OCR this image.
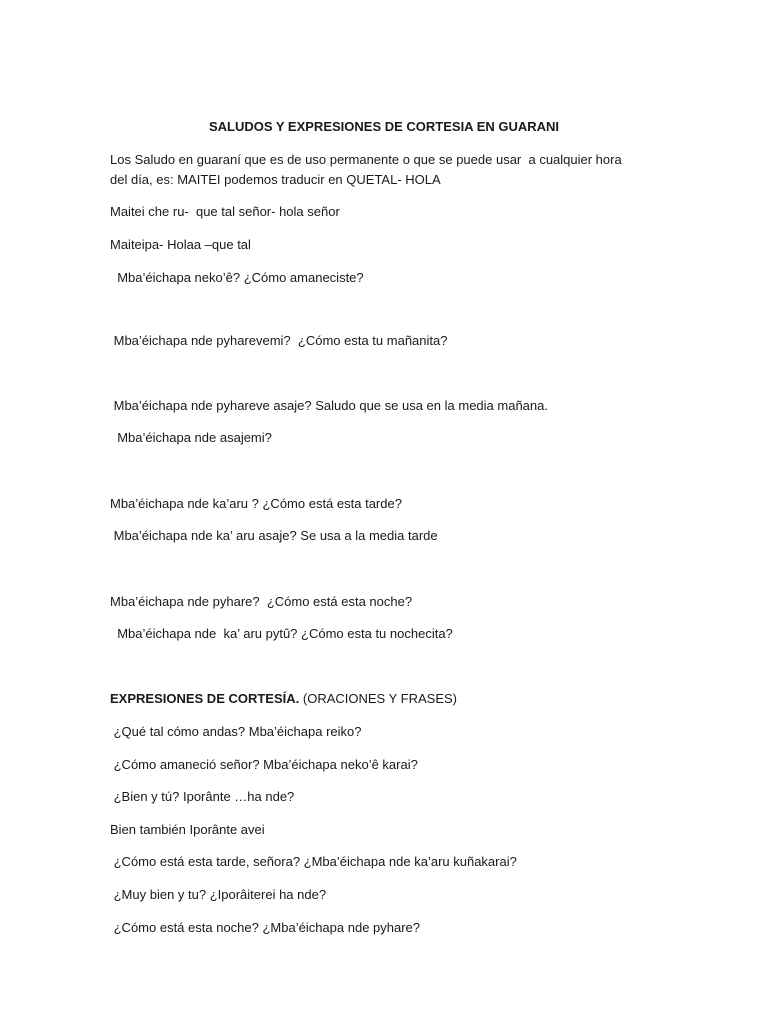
SALUDOS Y EXPRESIONES DE CORTESIA EN GUARANI
Los Saludo en guaraní que es de uso permanente o que se puede usar  a cualquier hora
del día, es: MAITEI podemos traducir en QUETAL- HOLA
Maitei che ru-  que tal señor- hola señor
Maiteipa- Holaa –que tal
Mba’éichapa neko’ê? ¿Cómo amaneciste?
Mba’éichapa nde pyharevemi?  ¿Cómo esta tu mañanita?
Mba’éichapa nde pyhareve asaje? Saludo que se usa en la media mañana.
Mba’éichapa nde asajemi?
Mba’éichapa nde ka’aru ? ¿Cómo está esta tarde?
Mba’éichapa nde ka’ aru asaje? Se usa a la media tarde
Mba’éichapa nde pyhare?  ¿Cómo está esta noche?
Mba’éichapa nde  ka’ aru pytû? ¿Cómo esta tu nochecita?
EXPRESIONES DE CORTESÍA. (ORACIONES Y FRASES)
¿Qué tal cómo andas? Mba’éichapa reiko?
¿Cómo amaneció señor? Mba’éichapa neko’ê karai?
¿Bien y tú? Iporânte …ha nde?
Bien también Iporânte avei
¿Cómo está esta tarde, señora? ¿Mba’éichapa nde ka’aru kuñakarai?
¿Muy bien y tu? ¿Iporâiterei ha nde?
¿Cómo está esta noche? ¿Mba’éichapa nde pyhare?
